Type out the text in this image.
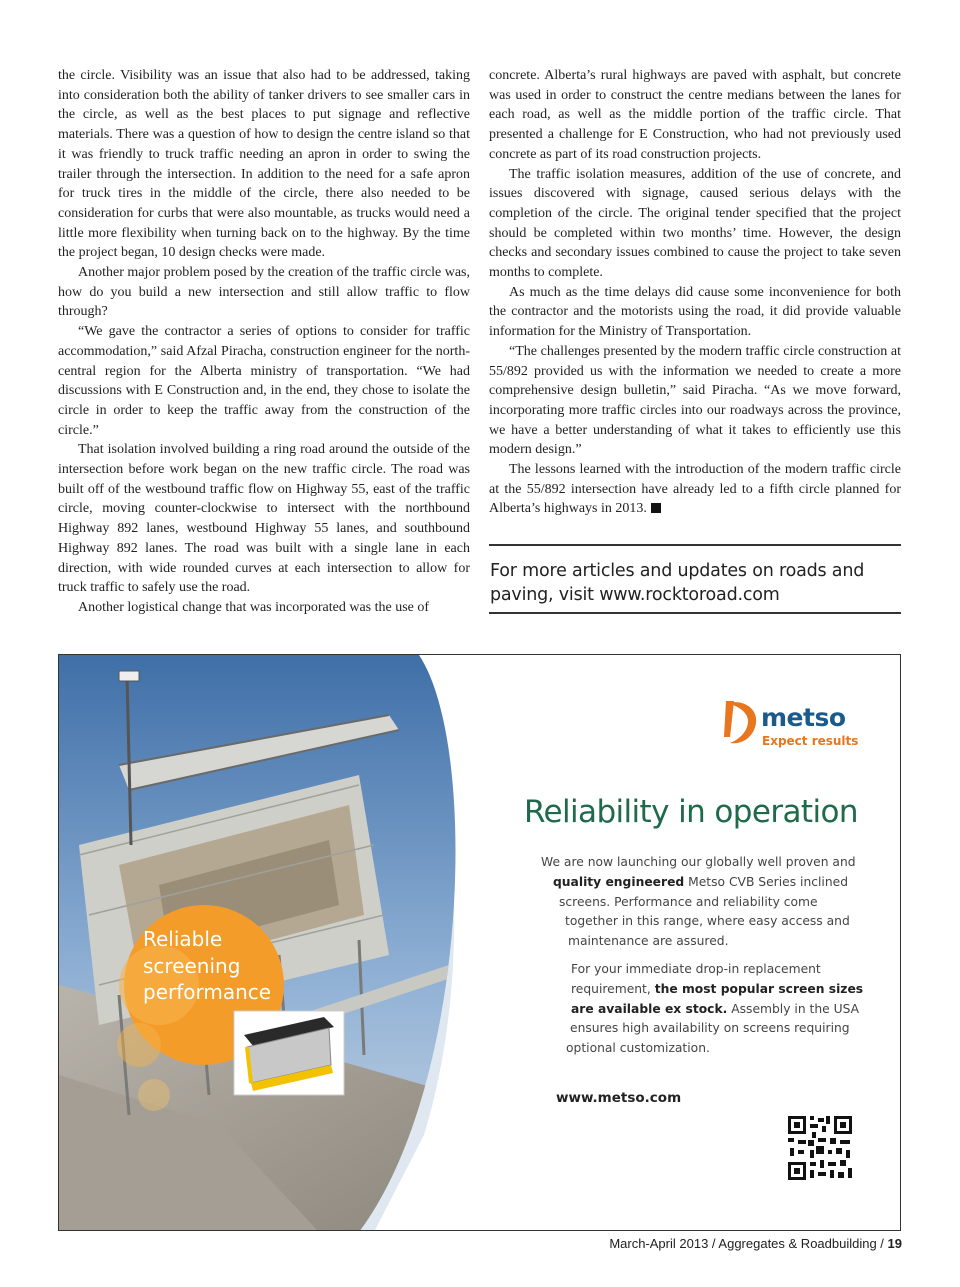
the circle. Visibility was an issue that also had to be addressed, taking into consideration both the ability of tanker drivers to see smaller cars in the circle, as well as the best places to put signage and reflective materials. There was a question of how to design the centre island so that it was friendly to truck traffic needing an apron in order to swing the trailer through the intersection. In addition to the need for a safe apron for truck tires in the middle of the circle, there also needed to be consideration for curbs that were also mountable, as trucks would need a little more flexibility when turning back on to the highway. By the time the project began, 10 design checks were made.

Another major problem posed by the creation of the traffic circle was, how do you build a new intersection and still allow traffic to flow through?

“We gave the contractor a series of options to consider for traffic accommodation,” said Afzal Piracha, construction engineer for the north-central region for the Alberta ministry of transportation. “We had discussions with E Construction and, in the end, they chose to isolate the circle in order to keep the traffic away from the construction of the circle.”

That isolation involved building a ring road around the outside of the intersection before work began on the new traffic circle. The road was built off of the westbound traffic flow on Highway 55, east of the traffic circle, moving counter-clockwise to intersect with the northbound Highway 892 lanes, westbound Highway 55 lanes, and southbound Highway 892 lanes. The road was built with a single lane in each direction, with wide rounded curves at each intersection to allow for truck traffic to safely use the road.

Another logistical change that was incorporated was the use of

concrete. Alberta’s rural highways are paved with asphalt, but concrete was used in order to construct the centre medians between the lanes for each road, as well as the middle portion of the traffic circle. That presented a challenge for E Construction, who had not previously used concrete as part of its road construction projects.

The traffic isolation measures, addition of the use of concrete, and issues discovered with signage, caused serious delays with the completion of the circle. The original tender specified that the project should be completed within two months’ time. However, the design checks and secondary issues combined to cause the project to take seven months to complete.

As much as the time delays did cause some inconvenience for both the contractor and the motorists using the road, it did provide valuable information for the Ministry of Transportation.

“The challenges presented by the modern traffic circle construction at 55/892 provided us with the information we needed to create a more comprehensive design bulletin,” said Piracha. “As we move forward, incorporating more traffic circles into our roadways across the province, we have a better understanding of what it takes to efficiently use this modern design.”

The lessons learned with the introduction of the modern traffic circle at the 55/892 intersection have already led to a fifth circle planned for Alberta’s highways in 2013.

For more articles and updates on roads and
paving, visit www.rocktoroad.com
Reliable
screening
performance
metso
Expect results
Reliability in operation
We are now launching our globally well proven and
quality engineered Metso CVB Series inclined
screens. Performance and reliability come
together in this range, where easy access and
maintenance are assured.
For your immediate drop-in replacement
requirement, the most popular screen sizes
are available ex stock. Assembly in the USA
ensures high availability on screens requiring
optional customization.
www.metso.com
March-April 2013 / Aggregates & Roadbuilding / 19
